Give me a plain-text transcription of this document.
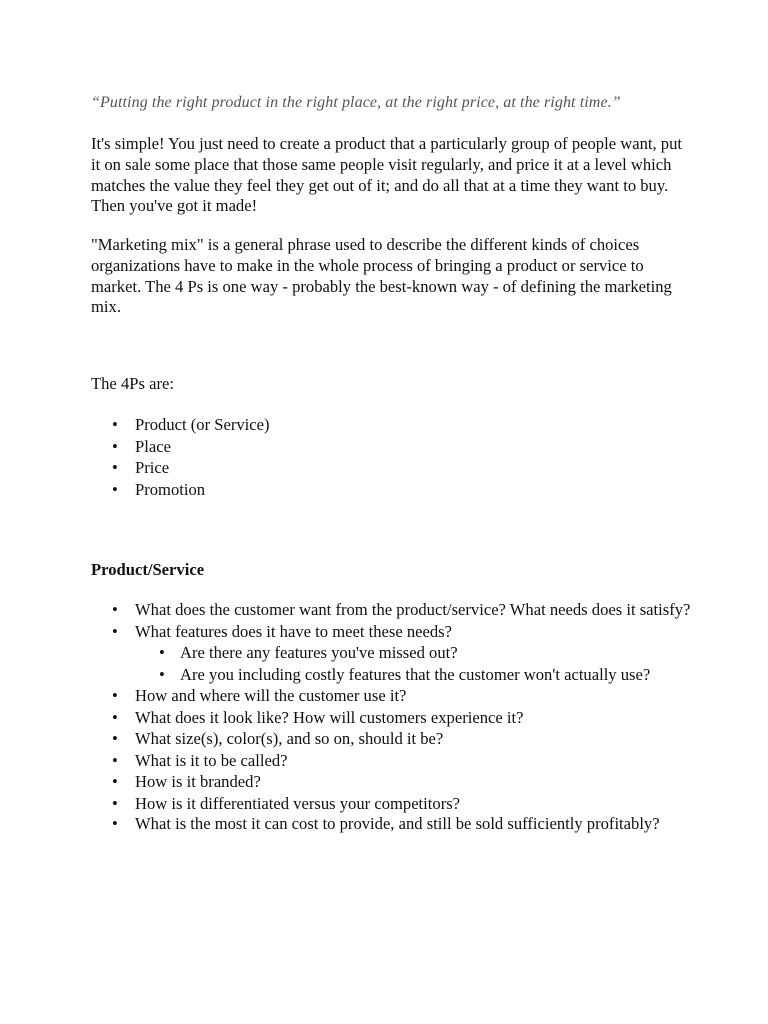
“Putting the right product in the right place, at the right price, at the right time.”

It's simple! You just need to create a product that a particularly group of people want, put it on sale some place that those same people visit regularly, and price it at a level which matches the value they feel they get out of it; and do all that at a time they want to buy. Then you've got it made!

"Marketing mix" is a general phrase used to describe the different kinds of choices organizations have to make in the whole process of bringing a product or service to market. The 4 Ps is one way - probably the best-known way - of defining the marketing mix.

The 4Ps are:

• Product (or Service)
• Place
• Price
• Promotion

Product/Service

• What does the customer want from the product/service? What needs does it satisfy?
• What features does it have to meet these needs?
• Are there any features you've missed out?
• Are you including costly features that the customer won't actually use?
• How and where will the customer use it?
• What does it look like? How will customers experience it?
• What size(s), color(s), and so on, should it be?
• What is it to be called?
• How is it branded?
• How is it differentiated versus your competitors?
• What is the most it can cost to provide, and still be sold sufficiently profitably?
